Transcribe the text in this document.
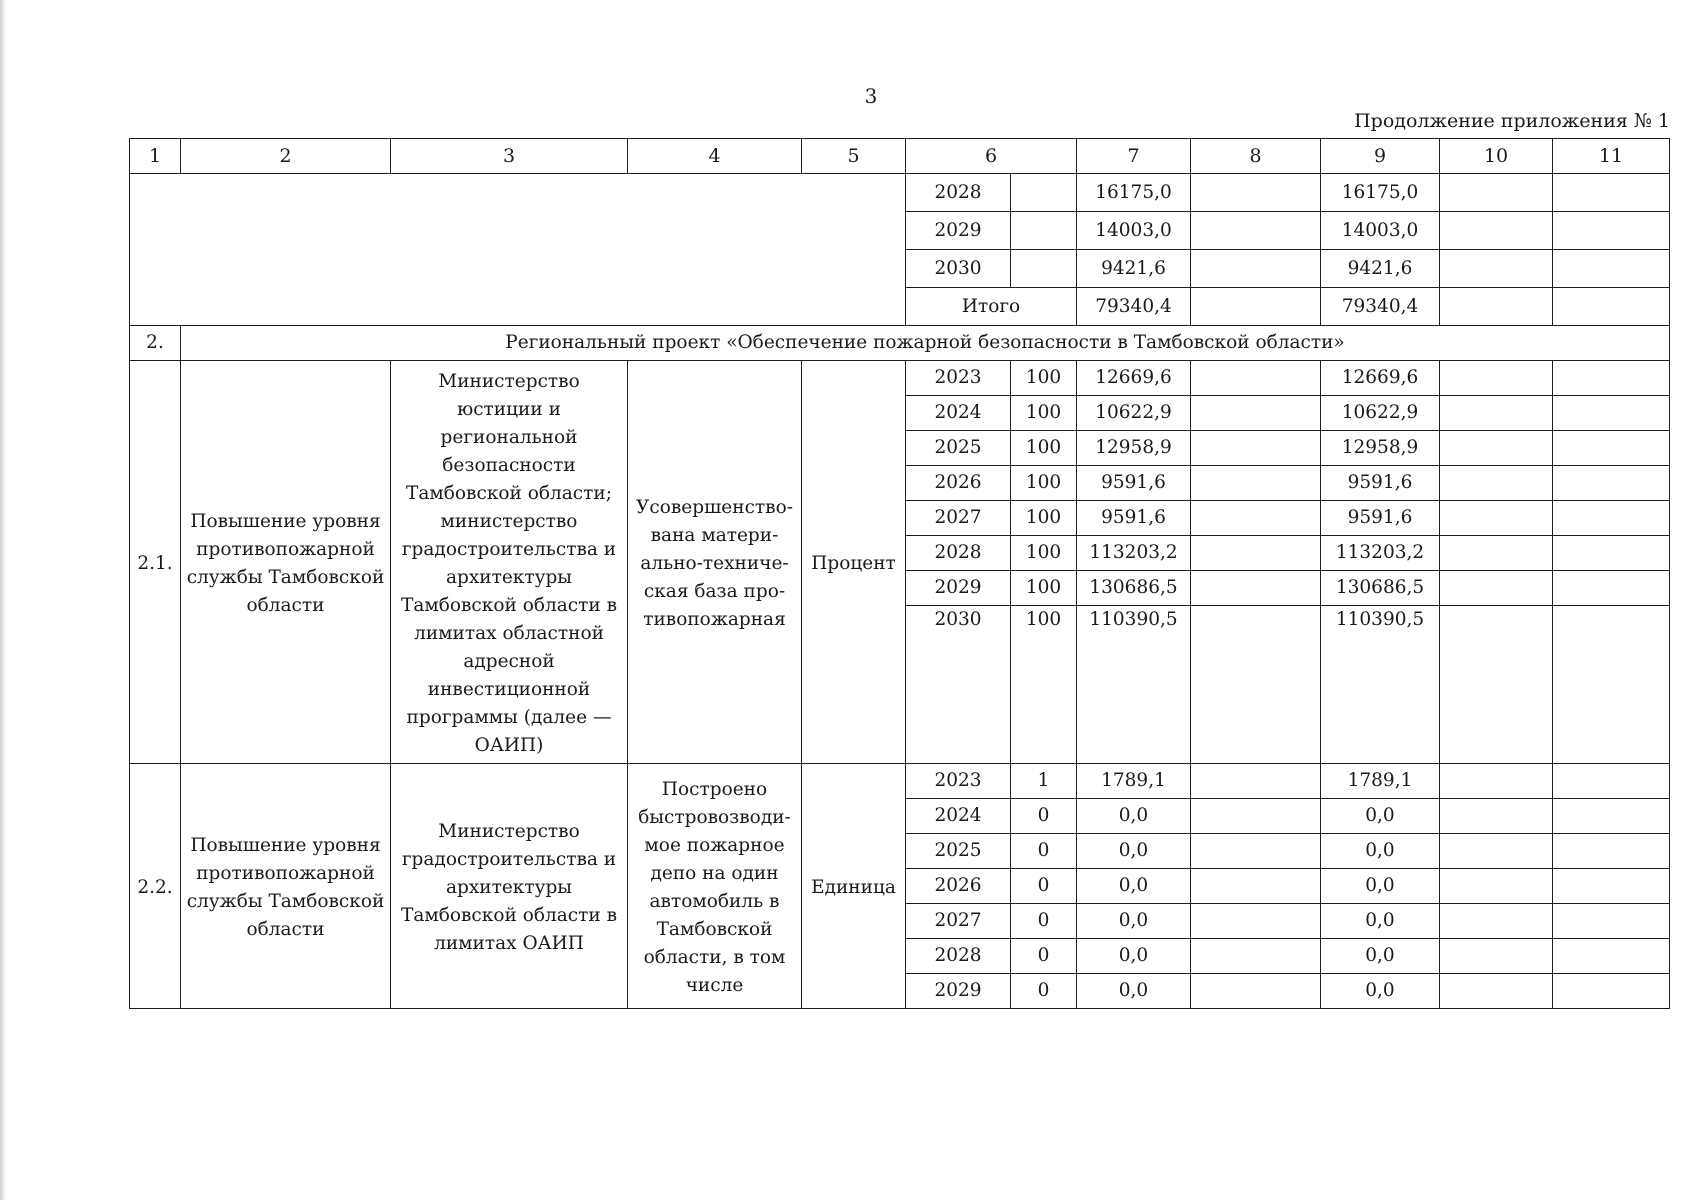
3
Продолжение приложения № 1
1	2	3	4	5	6		7	8	9	10	11
					2028		16175,0		16175,0		
					2029		14003,0		14003,0		
					2030		9421,6		9421,6		
					Итого		79340,4		79340,4		
2.	Региональный проект «Обеспечение пожарной безопасности в Тамбовской области»										
2.1.	Повышение уровня противопожарной службы Тамбовской области	Министерство юстиции и региональной безопасности Тамбовской области; министерство градостроительства и архитектуры Тамбовской области в лимитах областной адресной инвестиционной программы (далее — ОАИП)	Усовершенство-вана матери-ально-техниче-ская база про-тивопожарная	Процент	2023	100	12669,6		12669,6		
					2024	100	10622,9		10622,9		
					2025	100	12958,9		12958,9		
					2026	100	9591,6		9591,6		
					2027	100	9591,6		9591,6		
					2028	100	113203,2		113203,2		
					2029	100	130686,5		130686,5		
					2030	100	110390,5		110390,5		
2.2.	Повышение уровня противопожарной службы Тамбовской области	Министерство градостроительства и архитектуры Тамбовской области в лимитах ОАИП	Построено быстровозводи-мое пожарное депо на один автомобиль в Тамбовской области, в том числе	Единица	2023	1	1789,1		1789,1		
					2024	0	0,0		0,0		
					2025	0	0,0		0,0		
					2026	0	0,0		0,0		
					2027	0	0,0		0,0		
					2028	0	0,0		0,0		
					2029	0	0,0		0,0		
